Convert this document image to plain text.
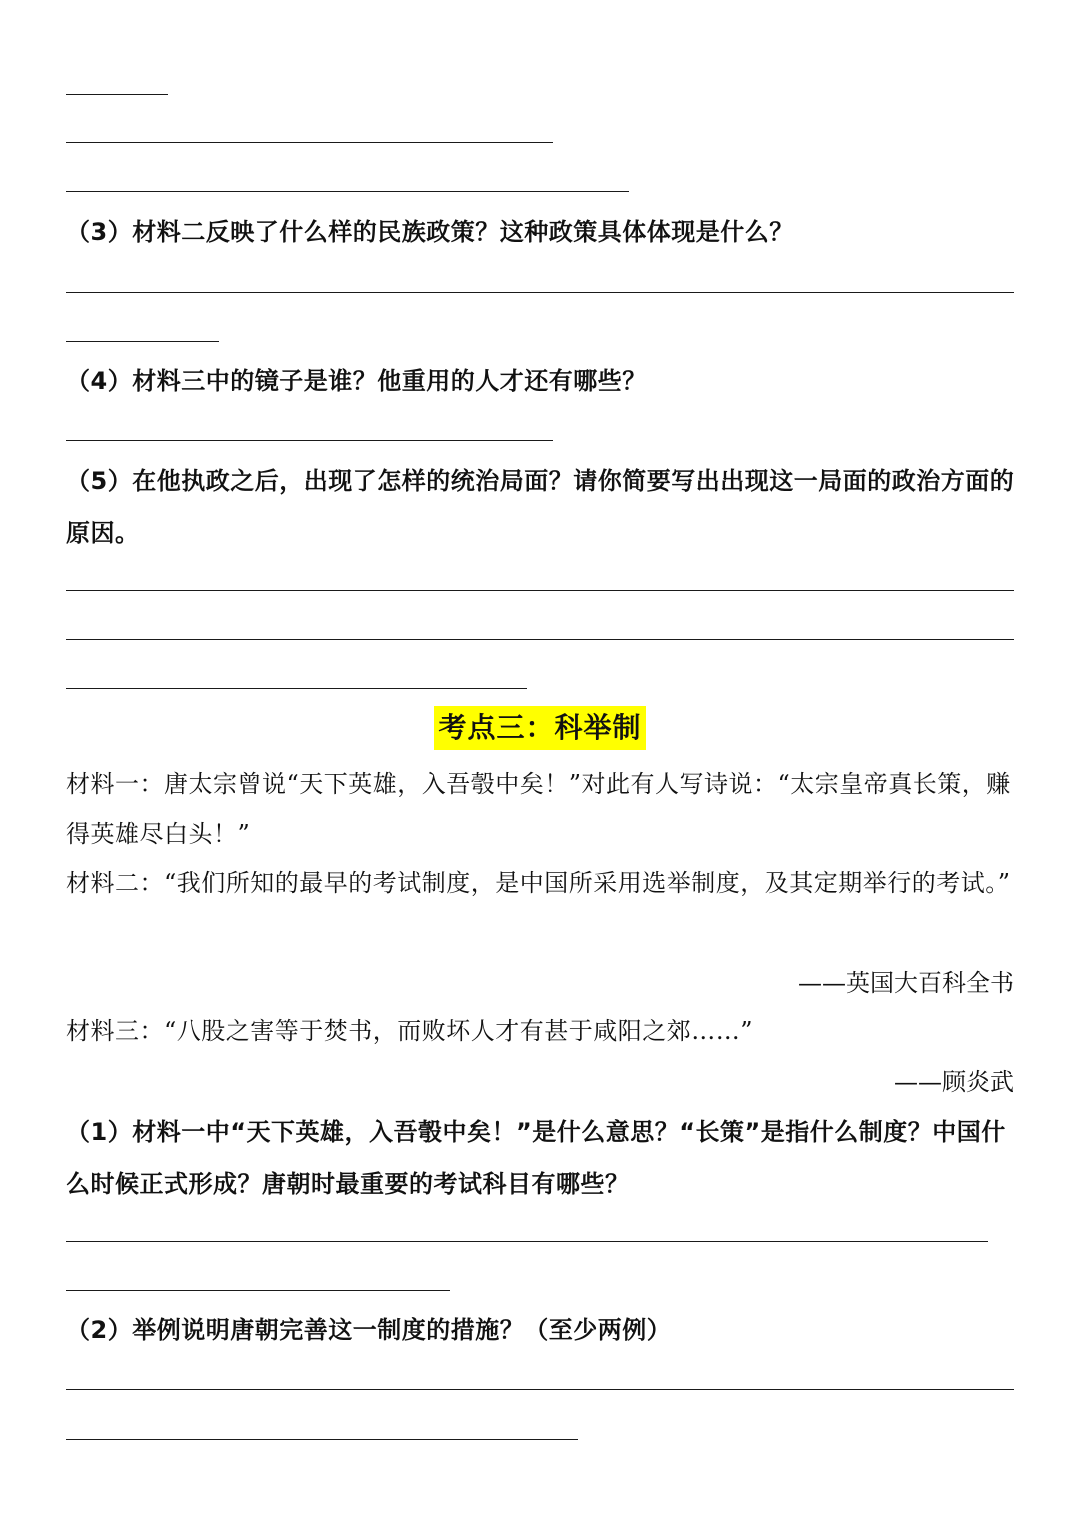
（3）材料二反映了什么样的民族政策？这种政策具体体现是什么？
（4）材料三中的镜子是谁？他重用的人才还有哪些？
（5）在他执政之后，出现了怎样的统治局面？请你简要写出出现这一局面的政治方面的原因。
考点三：科举制
材料一：唐太宗曾说“天下英雄，入吾彀中矣！”对此有人写诗说：“太宗皇帝真长策，赚得英雄尽白头！”
材料二：“我们所知的最早的考试制度，是中国所采用选举制度，及其定期举行的考试。”
——英国大百科全书
材料三：“八股之害等于焚书，而败坏人才有甚于咸阳之郊……”
——顾炎武
（1）材料一中“天下英雄，入吾彀中矣！”是什么意思？“长策”是指什么制度？中国什么时候正式形成？唐朝时最重要的考试科目有哪些？
（2）举例说明唐朝完善这一制度的措施？（至少两例）
